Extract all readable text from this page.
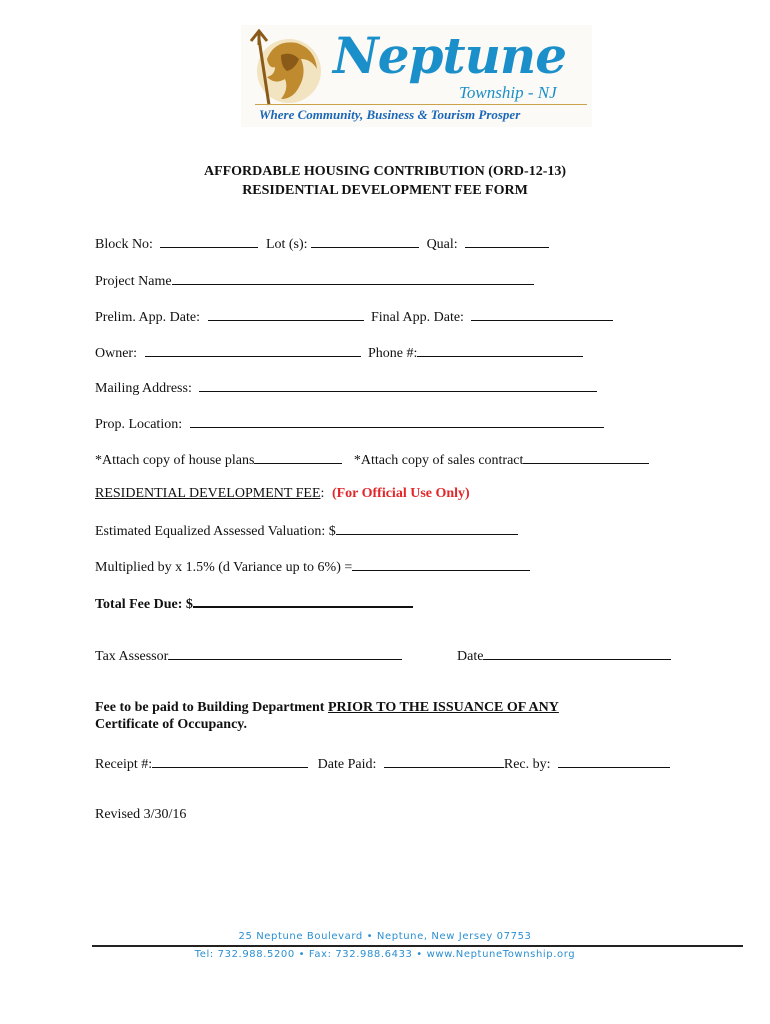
Neptune
Township - NJ
Where Community, Business & Tourism Prosper
AFFORDABLE HOUSING CONTRIBUTION (ORD-12-13)
RESIDENTIAL DEVELOPMENT FEE FORM
Block No:	Lot (s):	Qual:
Project Name
Prelim. App. Date:	Final App. Date:
Owner:	Phone #:
Mailing Address:
Prop. Location:
*Attach copy of house plans	*Attach copy of sales contract
RESIDENTIAL DEVELOPMENT FEE: (For Official Use Only)
Estimated Equalized Assessed Valuation: $
Multiplied by x 1.5% (d Variance up to 6%) =
Total Fee Due: $
Tax Assessor	Date
Fee to be paid to Building Department PRIOR TO THE ISSUANCE OF ANY
Certificate of Occupancy.
Receipt #:	Date Paid:	Rec. by:
Revised 3/30/16
25 Neptune Boulevard • Neptune, New Jersey 07753
Tel: 732.988.5200 • Fax: 732.988.6433 • www.NeptuneTownship.org
